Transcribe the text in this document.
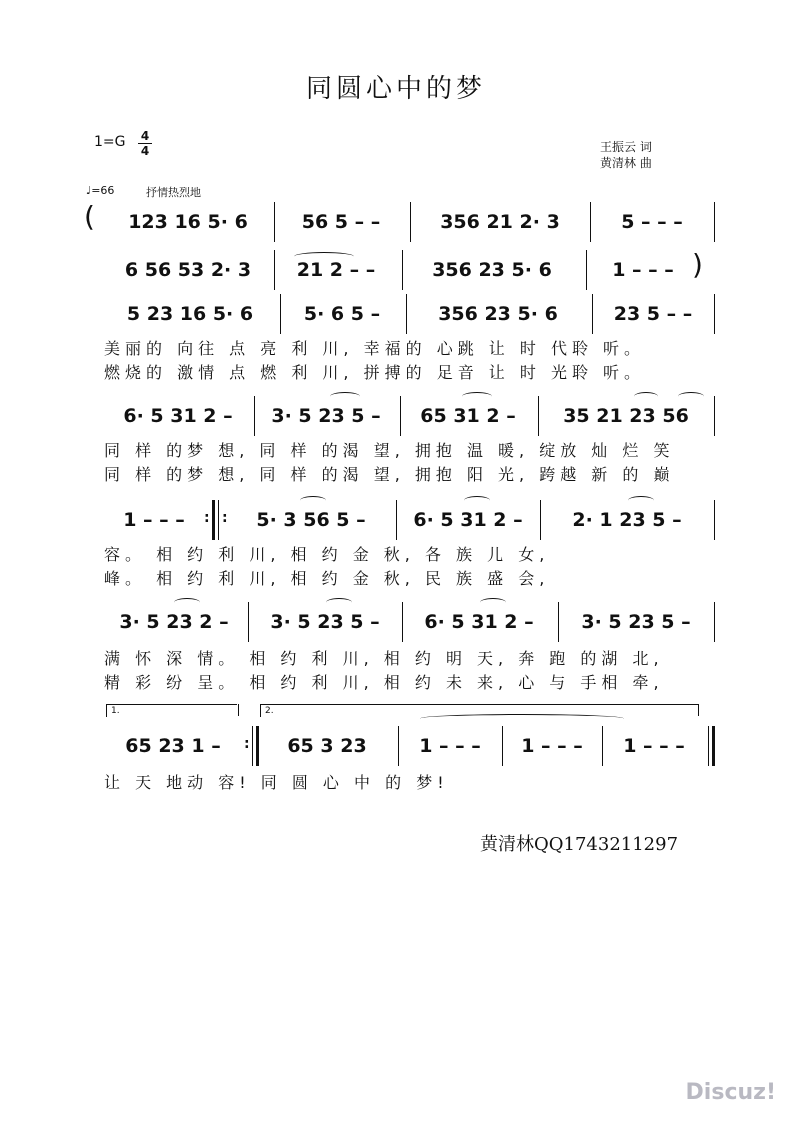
同圆心中的梦
1=G 4
4	王振云 词
黄清林 曲
♩=66	抒情热烈地
(	123 16 5· 6	56 5 – –	356 21 2· 3	5 – – –
6 56 53 2· 3	21 2 – –	356 23 5· 6	1 – – – )
5 23 16 5· 6	5· 6 5 –	356 23 5· 6	23 5 – –
美丽的 向往 点 亮 利 川, 幸福的 心跳 让 时 代聆 听。
燃烧的 激情 点 燃 利 川, 拼搏的 足音 让 时 光聆 听。
6· 5 31 2 –	3· 5 23 5 –	65 31 2 –	35 21 23 56
同 样 的梦 想, 同 样 的渴 望, 拥抱 温 暖, 绽放 灿 烂 笑
同 样 的梦 想, 同 样 的渴 望, 拥抱 阳 光, 跨越 新 的 巅
1 – – –	: :	5· 3 56 5 –	6· 5 31 2 –	2· 1 23 5 –
容。 相 约 利 川, 相 约 金 秋, 各 族 儿 女,
峰。 相 约 利 川, 相 约 金 秋, 民 族 盛 会,
3· 5 23 2 –	3· 5 23 5 –	6· 5 31 2 –	3· 5 23 5 –
满 怀 深 情。 相 约 利 川, 相 约 明 天, 奔 跑 的湖 北,
精 彩 纷 呈。 相 约 利 川, 相 约 未 来, 心 与 手相 牵,
1.	2.
65 23 1 –	:	65 3 23	1 – – –	1 – – –	1 – – –
让 天 地动 容! 同 圆 心 中 的 梦!
黄清林QQ1743211297
Discuz!
